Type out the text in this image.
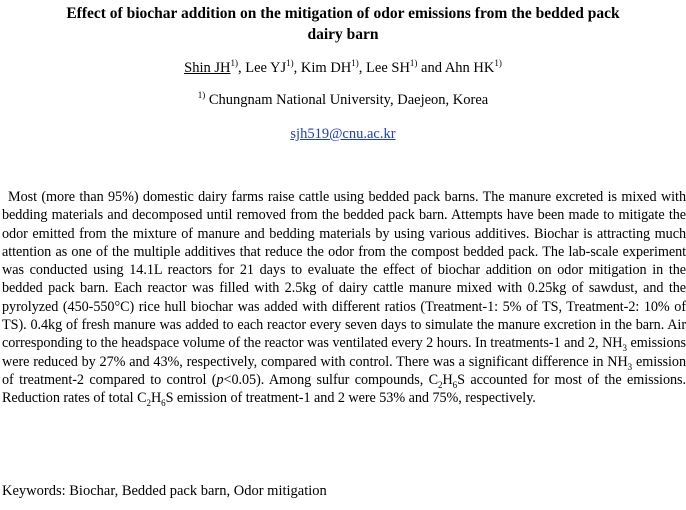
Effect of biochar addition on the mitigation of odor emissions from the bedded pack
dairy barn
Shin JH$^{1)}$, Lee YJ$^{1)}$, Kim DH$^{1)}$, Lee SH$^{1)}$ and Ahn HK$^{1)}$
$^{1)}$ Chungnam National University, Daejeon, Korea
sjh519@cnu.ac.kr

Most (more than 95%) domestic dairy farms raise cattle using bedded pack barns. The manure excreted is mixed with bedding materials and decomposed until removed from the bedded pack barn. Attempts have been made to mitigate the odor emitted from the mixture of manure and bedding materials by using various additives. Biochar is attracting much attention as one of the multiple additives that reduce the odor from the compost bedded pack. The lab-scale experiment was conducted using 14.1L reactors for 21 days to evaluate the effect of biochar addition on odor mitigation in the bedded pack barn. Each reactor was filled with 2.5kg of dairy cattle manure mixed with 0.25kg of sawdust, and the pyrolyzed (450-550°C) rice hull biochar was added with different ratios (Treatment-1: 5% of TS, Treatment-2: 10% of TS). 0.4kg of fresh manure was added to each reactor every seven days to simulate the manure excretion in the barn. Air corresponding to the headspace volume of the reactor was ventilated every 2 hours. In treatments-1 and 2, $NH_3$ emissions were reduced by 27% and 43%, respectively, compared with control. There was a significant difference in $NH_3$ emission of treatment-2 compared to control (p<0.05). Among sulfur compounds, $C_2H_6S$ accounted for most of the emissions. Reduction rates of total $C_2H_6S$ emission of treatment-1 and 2 were 53% and 75%, respectively.

Keywords: Biochar, Bedded pack barn, Odor mitigation
